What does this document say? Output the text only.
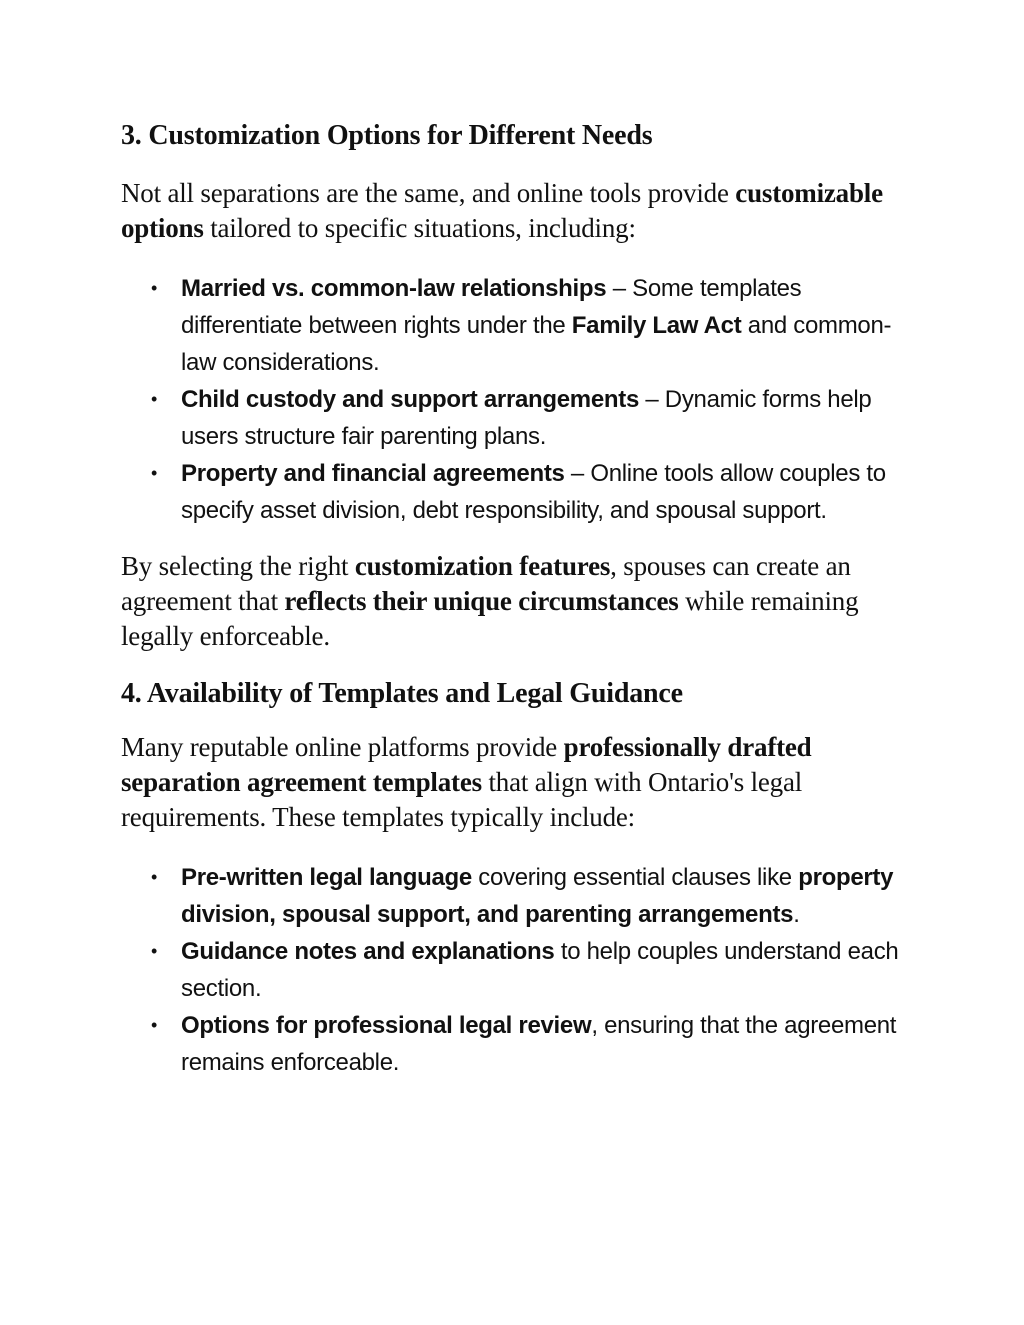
3. Customization Options for Different Needs

Not all separations are the same, and online tools provide customizable options tailored to specific situations, including:

• Married vs. common-law relationships – Some templates differentiate between rights under the Family Law Act and common-law considerations.
• Child custody and support arrangements – Dynamic forms help users structure fair parenting plans.
• Property and financial agreements – Online tools allow couples to specify asset division, debt responsibility, and spousal support.

By selecting the right customization features, spouses can create an agreement that reflects their unique circumstances while remaining legally enforceable.

4. Availability of Templates and Legal Guidance

Many reputable online platforms provide professionally drafted separation agreement templates that align with Ontario's legal requirements. These templates typically include:

• Pre-written legal language covering essential clauses like property division, spousal support, and parenting arrangements.
• Guidance notes and explanations to help couples understand each section.
• Options for professional legal review, ensuring that the agreement remains enforceable.
